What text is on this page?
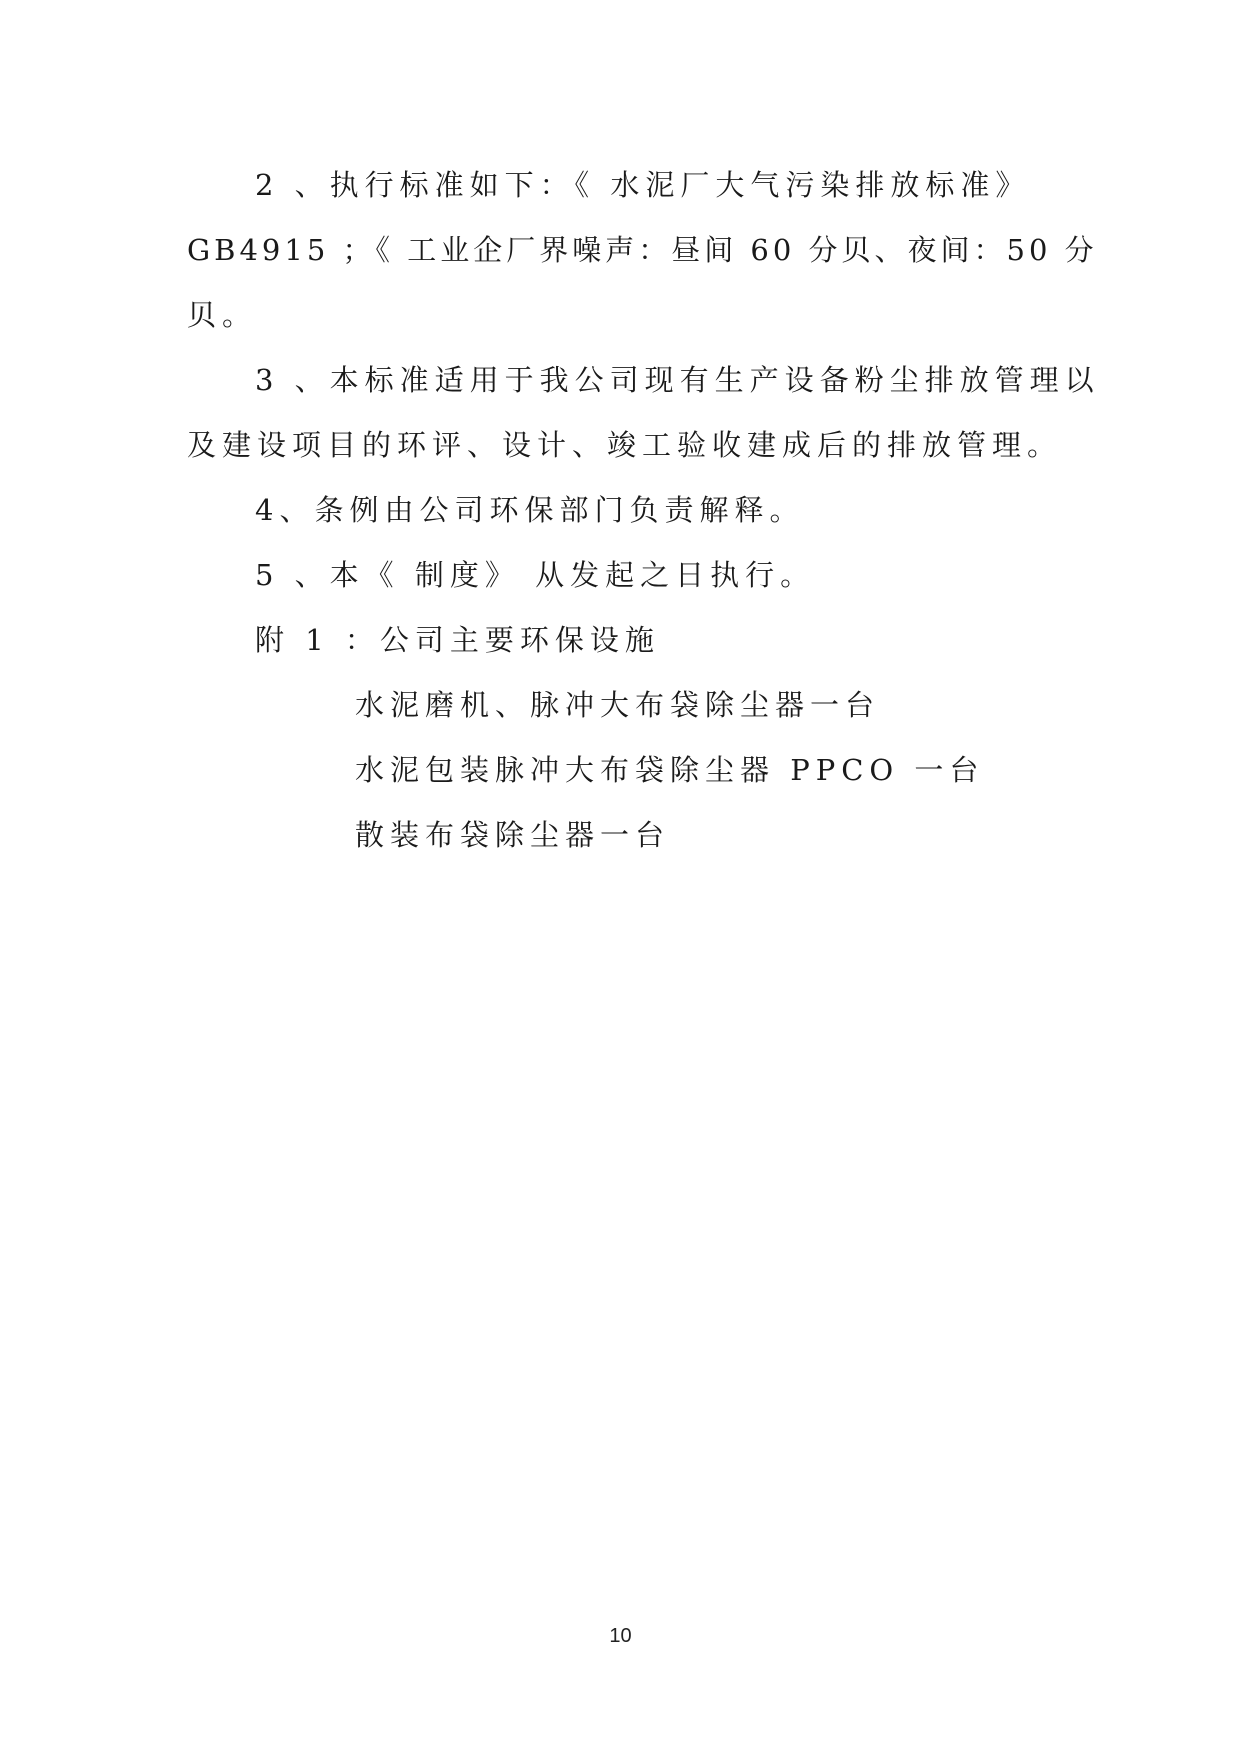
2 、执行标准如下：《 水泥厂大气污染排放标准》
GB4915 ；《 工业企厂界噪声：昼间 60 分贝、夜间：50 分
贝。
3 、本标准适用于我公司现有生产设备粉尘排放管理以
及建设项目的环评、设计、竣工验收建成后的排放管理。
4、条例由公司环保部门负责解释。
5 、本《 制度》 从发起之日执行。
附 1 ：公司主要环保设施
水泥磨机、脉冲大布袋除尘器一台
水泥包装脉冲大布袋除尘器 PPCO 一台
散装布袋除尘器一台
10
